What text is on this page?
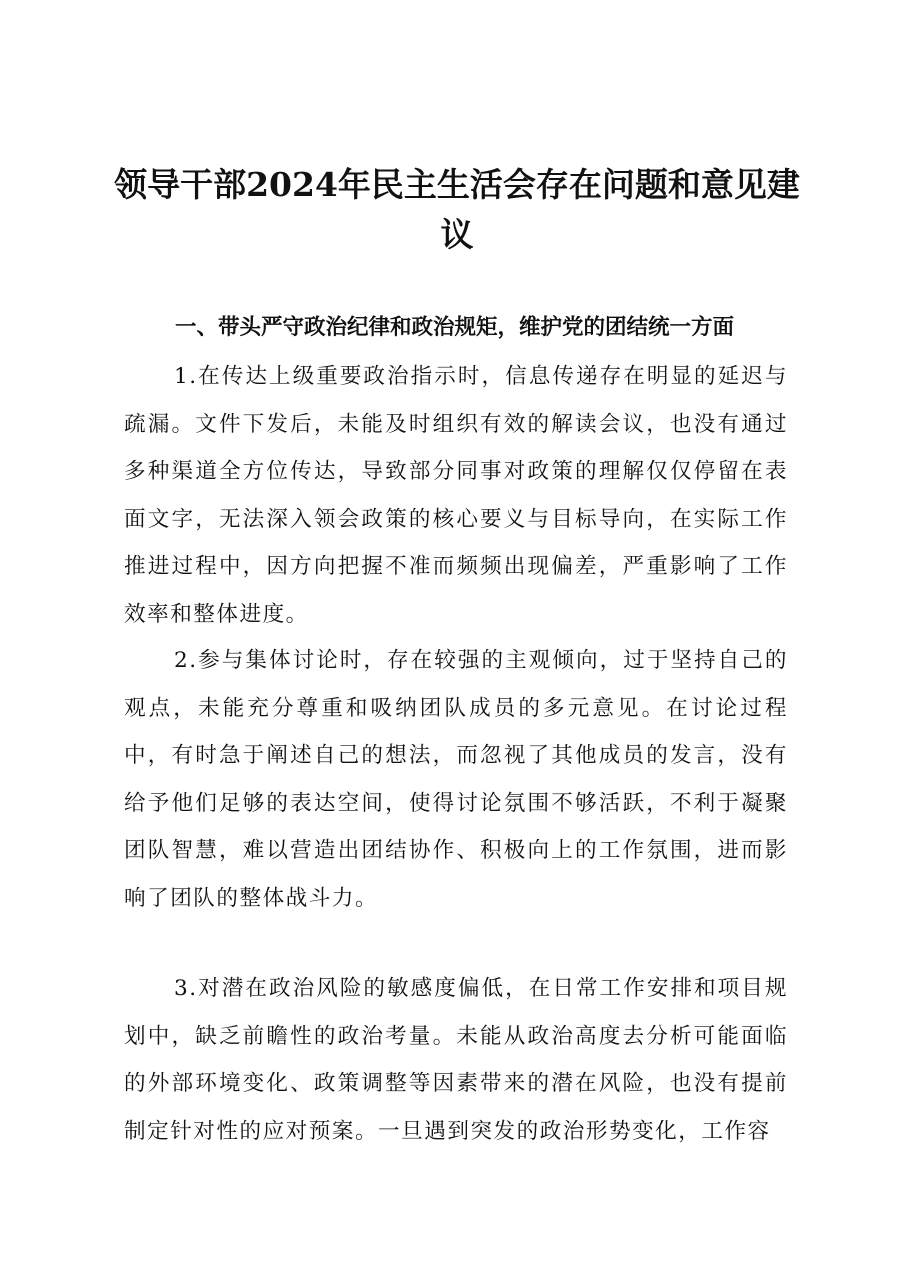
领导干部2024年民主生活会存在问题和意见建议

一、带头严守政治纪律和政治规矩，维护党的团结统一方面

1.在传达上级重要政治指示时，信息传递存在明显的延迟与疏漏。文件下发后，未能及时组织有效的解读会议，也没有通过多种渠道全方位传达，导致部分同事对政策的理解仅仅停留在表面文字，无法深入领会政策的核心要义与目标导向，在实际工作推进过程中，因方向把握不准而频频出现偏差，严重影响了工作效率和整体进度。

2.参与集体讨论时，存在较强的主观倾向，过于坚持自己的观点，未能充分尊重和吸纳团队成员的多元意见。在讨论过程中，有时急于阐述自己的想法，而忽视了其他成员的发言，没有给予他们足够的表达空间，使得讨论氛围不够活跃，不利于凝聚团队智慧，难以营造出团结协作、积极向上的工作氛围，进而影响了团队的整体战斗力。

3.对潜在政治风险的敏感度偏低，在日常工作安排和项目规划中，缺乏前瞻性的政治考量。未能从政治高度去分析可能面临的外部环境变化、政策调整等因素带来的潜在风险，也没有提前制定针对性的应对预案。一旦遇到突发的政治形势变化，工作容
